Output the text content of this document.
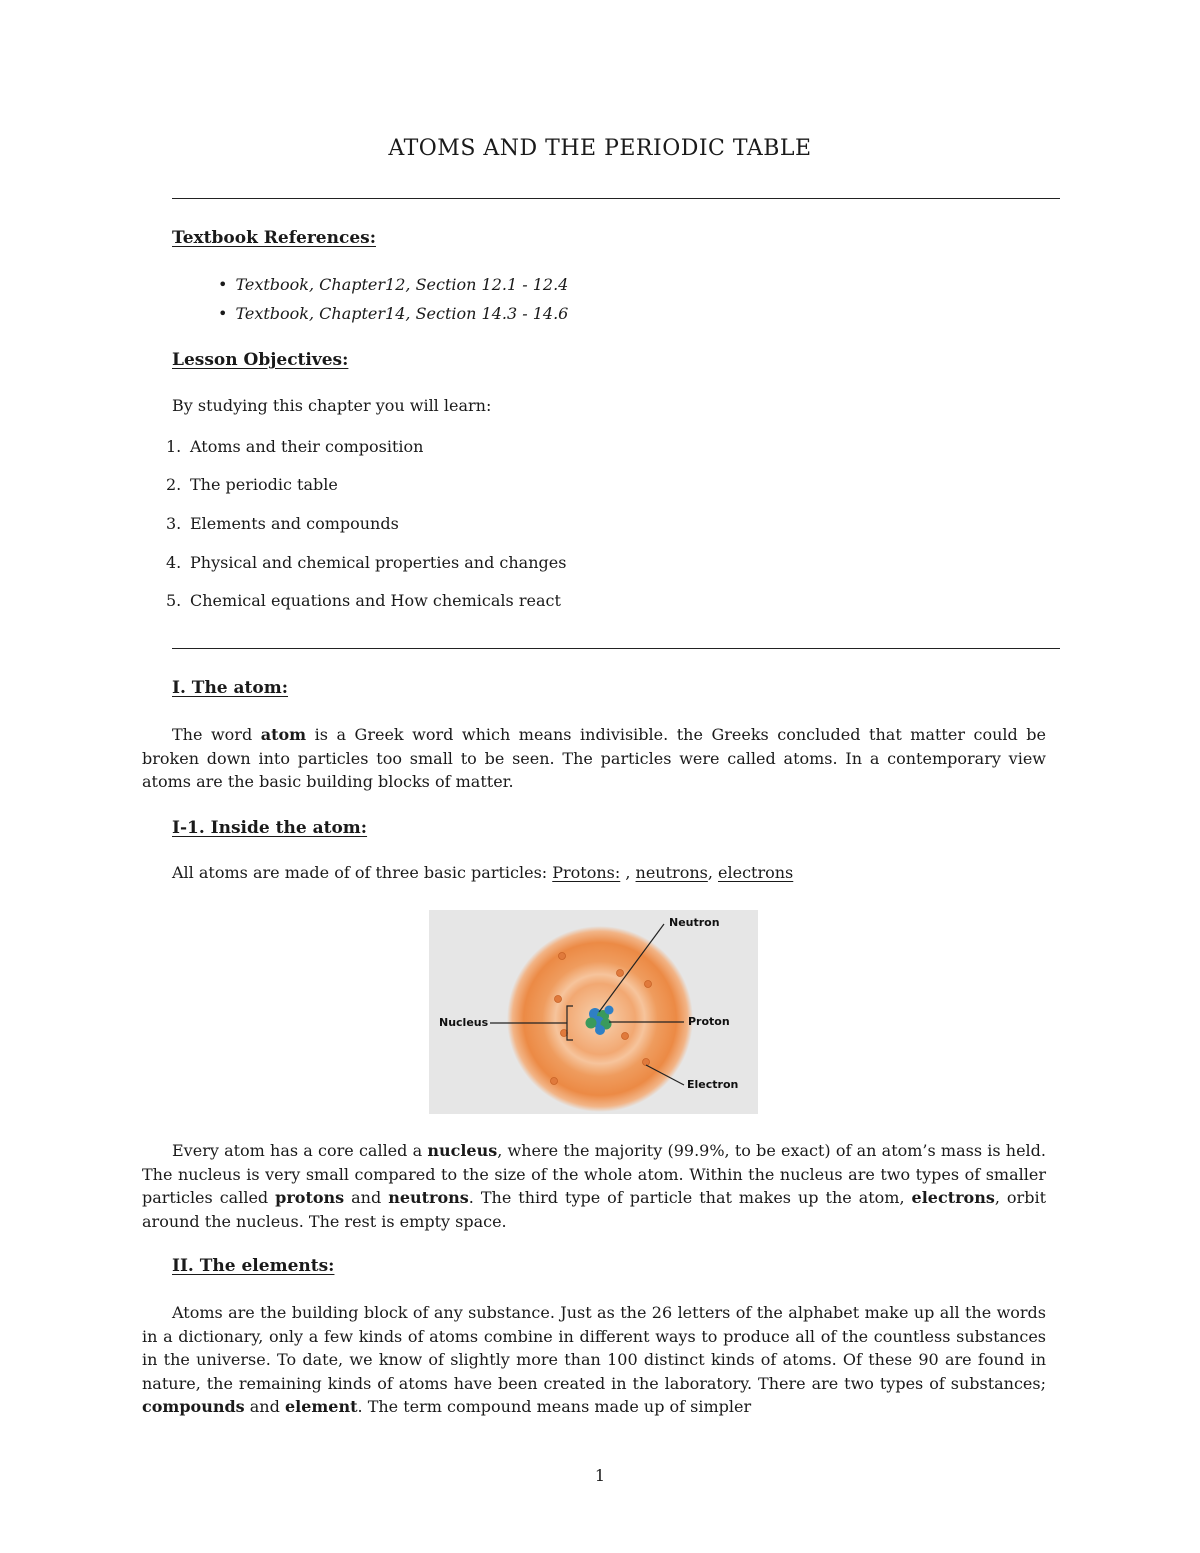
ATOMS AND THE PERIODIC TABLE
Textbook References:
• Textbook, Chapter12, Section 12.1 - 12.4
• Textbook, Chapter14, Section 14.3 - 14.6
Lesson Objectives:
By studying this chapter you will learn:
1. Atoms and their composition
2. The periodic table
3. Elements and compounds
4. Physical and chemical properties and changes
5. Chemical equations and How chemicals react
I. The atom:
The word atom is a Greek word which means indivisible. the Greeks concluded that matter could be broken down into particles too small to be seen. The particles were called atoms. In a contemporary view atoms are the basic building blocks of matter.
I-1. Inside the atom:
All atoms are made of of three basic particles: Protons: , neutrons, electrons
Neutron
Nucleus	Proton
Electron
Every atom has a core called a nucleus, where the majority (99.9%, to be exact) of an atom’s mass is held. The nucleus is very small compared to the size of the whole atom. Within the nucleus are two types of smaller particles called protons and neutrons. The third type of particle that makes up the atom, electrons, orbit around the nucleus. The rest is empty space.
II. The elements:
Atoms are the building block of any substance. Just as the 26 letters of the alphabet make up all the words in a dictionary, only a few kinds of atoms combine in different ways to produce all of the countless substances in the universe. To date, we know of slightly more than 100 distinct kinds of atoms. Of these 90 are found in nature, the remaining kinds of atoms have been created in the laboratory. There are two types of substances; compounds and element. The term compound means made up of simpler
1
